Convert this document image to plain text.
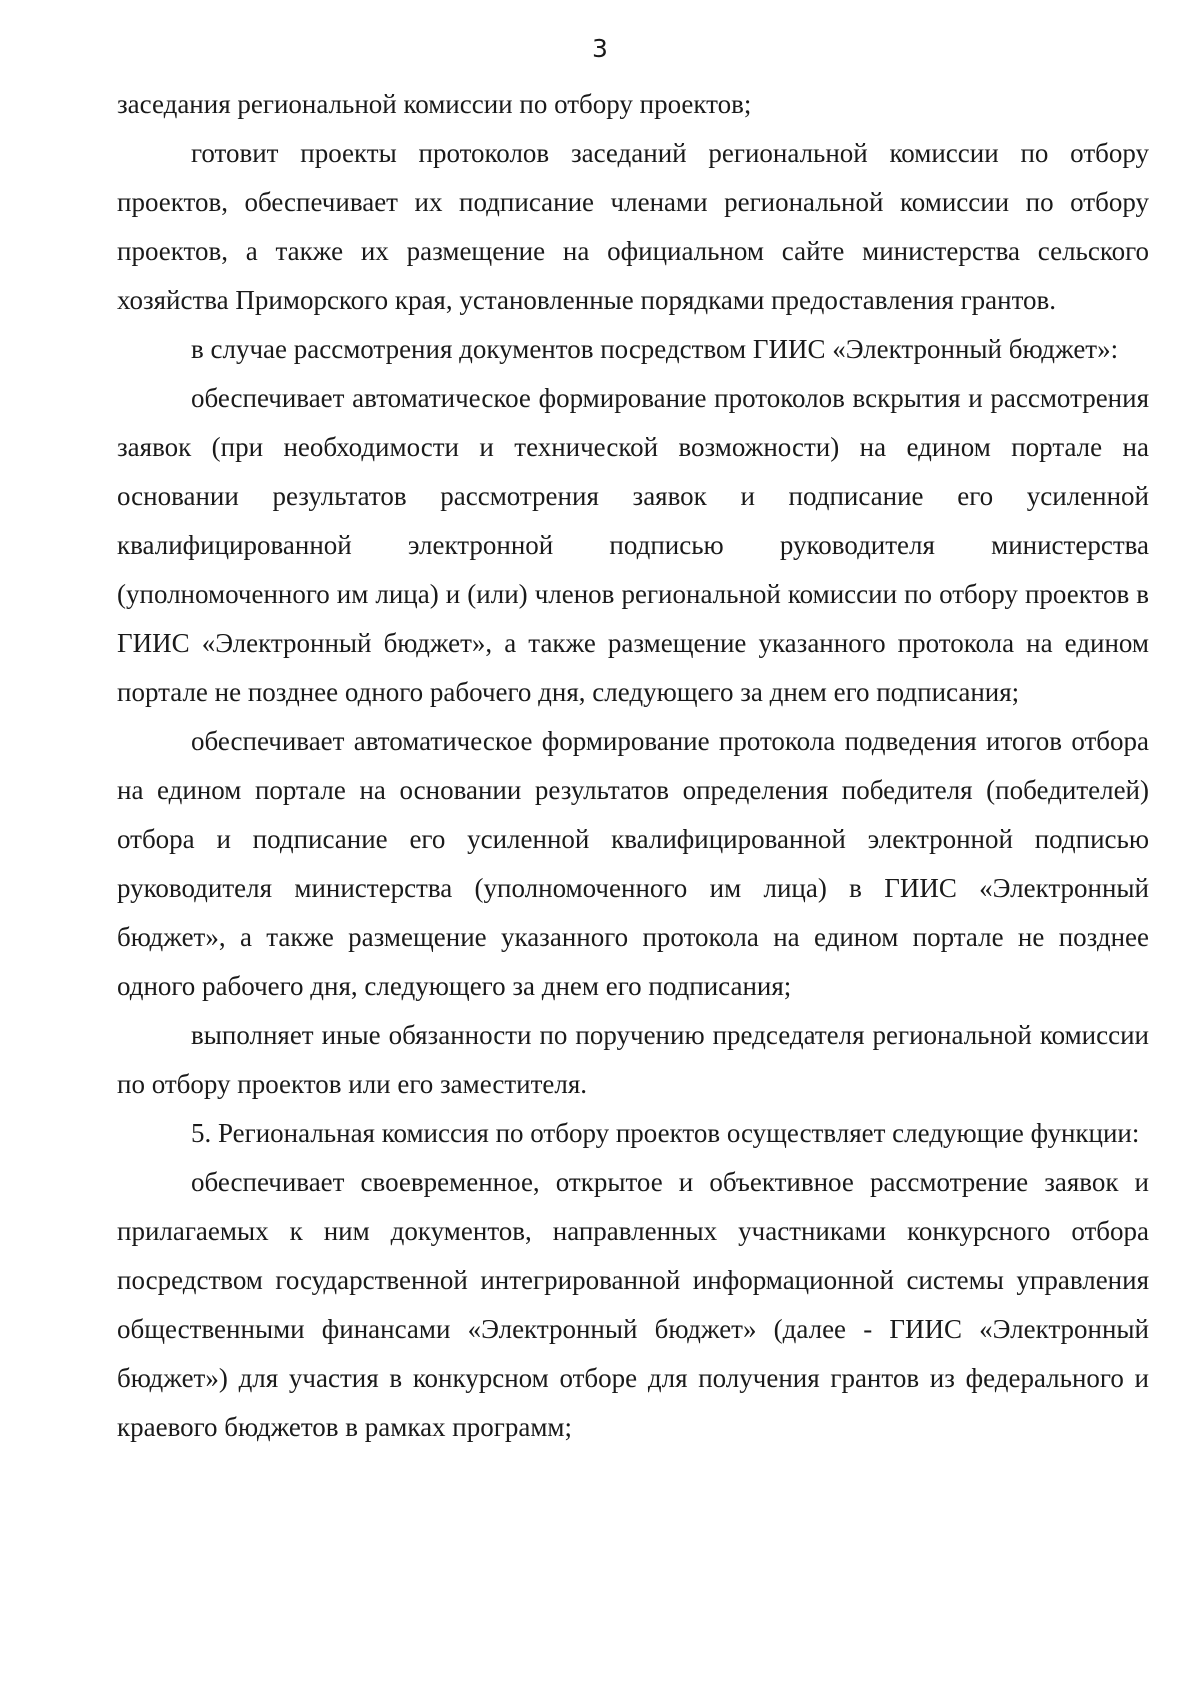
3

заседания региональной комиссии по отбору проектов;

готовит проекты протоколов заседаний региональной комиссии по отбору проектов, обеспечивает их подписание членами региональной комиссии по отбору проектов, а также их размещение на официальном сайте министерства сельского хозяйства Приморского края, установленные порядками предоставления грантов.

в случае рассмотрения документов посредством ГИИС «Электронный бюджет»:

обеспечивает автоматическое формирование протоколов вскрытия и рассмотрения заявок (при необходимости и технической возможности) на едином портале на основании результатов рассмотрения заявок и подписание его усиленной квалифицированной электронной подписью руководителя министерства (уполномоченного им лица) и (или) членов региональной комиссии по отбору проектов в ГИИС «Электронный бюджет», а также размещение указанного протокола на едином портале не позднее одного рабочего дня, следующего за днем его подписания;

обеспечивает автоматическое формирование протокола подведения итогов отбора на едином портале на основании результатов определения победителя (победителей) отбора и подписание его усиленной квалифицированной электронной подписью руководителя министерства (уполномоченного им лица) в ГИИС «Электронный бюджет», а также размещение указанного протокола на едином портале не позднее одного рабочего дня, следующего за днем его подписания;

выполняет иные обязанности по поручению председателя региональной комиссии по отбору проектов или его заместителя.

5. Региональная комиссия по отбору проектов осуществляет следующие функции:

обеспечивает своевременное, открытое и объективное рассмотрение заявок и прилагаемых к ним документов, направленных участниками конкурсного отбора посредством государственной интегрированной информационной системы управления общественными финансами «Электронный бюджет» (далее - ГИИС «Электронный бюджет») для участия в конкурсном отборе для получения грантов из федерального и краевого бюджетов в рамках программ;
